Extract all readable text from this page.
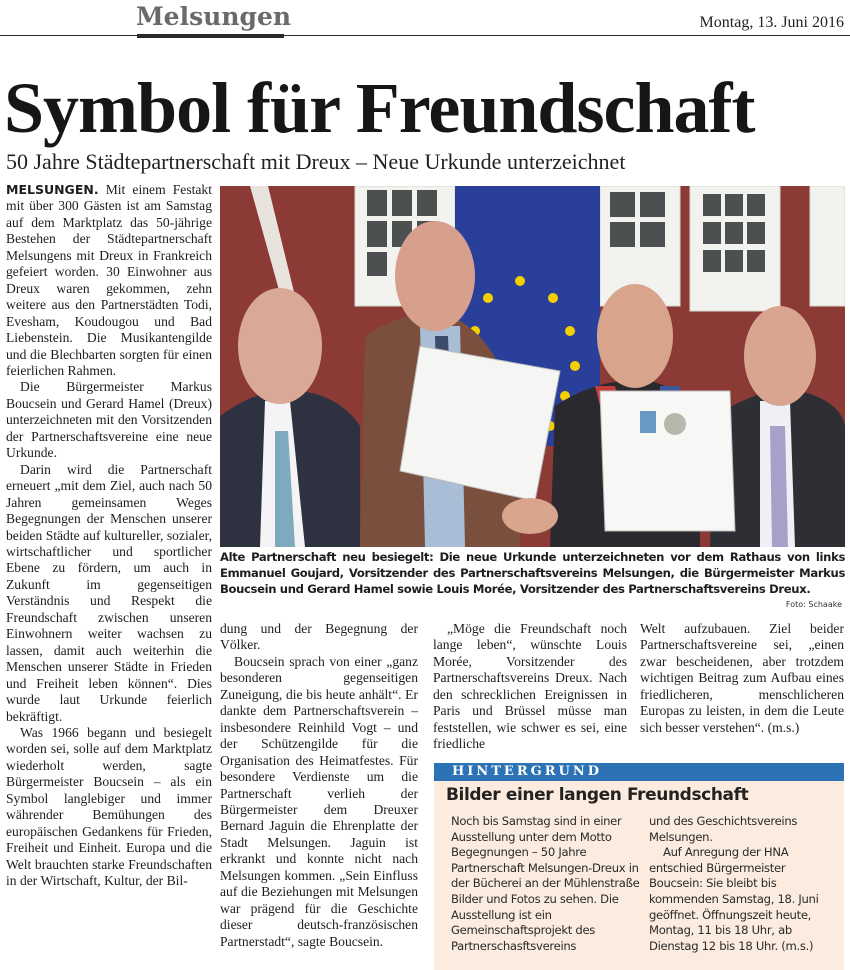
Melsungen	Montag, 13. Juni 2016
Symbol für Freundschaft
50 Jahre Städtepartnerschaft mit Dreux – Neue Urkunde unterzeichnet

MELSUNGEN. Mit einem Festakt mit über 300 Gästen ist am Samstag auf dem Marktplatz das 50-jährige Bestehen der Städtepartnerschaft Melsungens mit Dreux in Frankreich gefeiert worden. 30 Einwohner aus Dreux waren gekommen, zehn weitere aus den Partnerstädten Todi, Evesham, Koudougou und Bad Liebenstein. Die Musikantengilde und die Blechbarten sorgten für einen feierlichen Rahmen.

Die Bürgermeister Markus Boucsein und Gerard Hamel (Dreux) unterzeichneten mit den Vorsitzenden der Partnerschaftsvereine eine neue Urkunde.

Darin wird die Partnerschaft erneuert „mit dem Ziel, auch nach 50 Jahren gemeinsamen Weges Begegnungen der Menschen unserer beiden Städte auf kultureller, sozialer, wirtschaftlicher und sportlicher Ebene zu fördern, um auch in Zukunft im gegenseitigen Verständnis und Respekt die Freundschaft zwischen unseren Einwohnern weiter wachsen zu lassen, damit auch weiterhin die Menschen unserer Städte in Frieden und Freiheit leben können“. Dies wurde laut Urkunde feierlich bekräftigt.

Was 1966 begann und besiegelt worden sei, solle auf dem Marktplatz wiederholt werden, sagte Bürgermeister Boucsein – als ein Symbol langlebiger und immer währender Bemühungen des europäischen Gedankens für Frieden, Freiheit und Einheit. Europa und die Welt brauchten starke Freundschaften in der Wirtschaft, Kultur, der Bil-

Alte Partnerschaft neu besiegelt: Die neue Urkunde unterzeichneten vor dem Rathaus von links Emmanuel Goujard, Vorsitzender des Partnerschaftsvereins Melsungen, die Bürgermeister Markus Boucsein und Gerard Hamel sowie Louis Morée, Vorsitzender des Partnerschaftsvereins Dreux.
Foto: Schaake

dung und der Begegnung der Völker.

Boucsein sprach von einer „ganz besonderen gegenseitigen Zuneigung, die bis heute anhält“. Er dankte dem Partnerschaftsverein – insbesondere Reinhild Vogt – und der Schützengilde für die Organisation des Heimatfestes. Für besondere Verdienste um die Partnerschaft verlieh der Bürgermeister dem Dreuxer Bernard Jaguin die Ehrenplatte der Stadt Melsungen. Jaguin ist erkrankt und konnte nicht nach Melsungen kommen. „Sein Einfluss auf die Beziehungen mit Melsungen war prägend für die Geschichte dieser deutsch-französischen Partnerstadt“, sagte Boucsein.

„Möge die Freundschaft noch lange leben“, wünschte Louis Morée, Vorsitzender des Partnerschaftsvereins Dreux. Nach den schrecklichen Ereignissen in Paris und Brüssel müsse man feststellen, wie schwer es sei, eine friedliche

Welt aufzubauen. Ziel beider Partnerschaftsvereine sei, „einen zwar bescheidenen, aber trotzdem wichtigen Beitrag zum Aufbau eines friedlicheren, menschlicheren Europas zu leisten, in dem die Leute sich besser verstehen“. (m.s.)

HINTERGRUND
Bilder einer langen Freundschaft

Noch bis Samstag sind in einer Ausstellung unter dem Motto Begegnungen – 50 Jahre Partnerschaft Melsungen-Dreux in der Bücherei an der Mühlenstraße Bilder und Fotos zu sehen. Die Ausstellung ist ein Gemeinschaftsprojekt des Partnerschasftsvereins

und des Geschichtsvereins Melsungen.

Auf Anregung der HNA entschied Bürgermeister Boucsein: Sie bleibt bis kommenden Samstag, 18. Juni geöffnet. Öffnungszeit heute, Montag, 11 bis 18 Uhr, ab Dienstag 12 bis 18 Uhr. (m.s.)
